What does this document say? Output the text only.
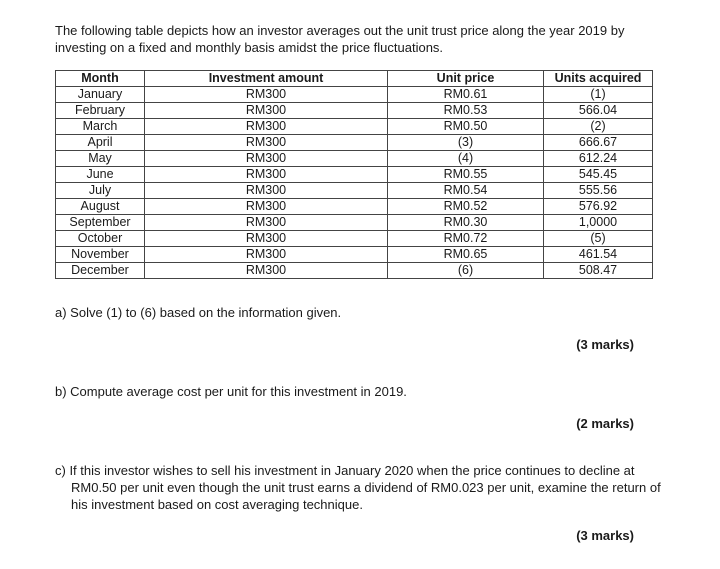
The following table depicts how an investor averages out the unit trust price along the year 2019 by investing on a fixed and monthly basis amidst the price fluctuations.
Month	Investment amount	Unit price	Units acquired
January	RM300	RM0.61	(1)
February	RM300	RM0.53	566.04
March	RM300	RM0.50	(2)
April	RM300	(3)	666.67
May	RM300	(4)	612.24
June	RM300	RM0.55	545.45
July	RM300	RM0.54	555.56
August	RM300	RM0.52	576.92
September	RM300	RM0.30	1,0000
October	RM300	RM0.72	(5)
November	RM300	RM0.65	461.54
December	RM300	(6)	508.47
a) Solve (1) to (6) based on the information given.
(3 marks)
b) Compute average cost per unit for this investment in 2019.
(2 marks)
c) If this investor wishes to sell his investment in January 2020 when the price continues to decline at RM0.50 per unit even though the unit trust earns a dividend of RM0.023 per unit, examine the return of his investment based on cost averaging technique.
(3 marks)
